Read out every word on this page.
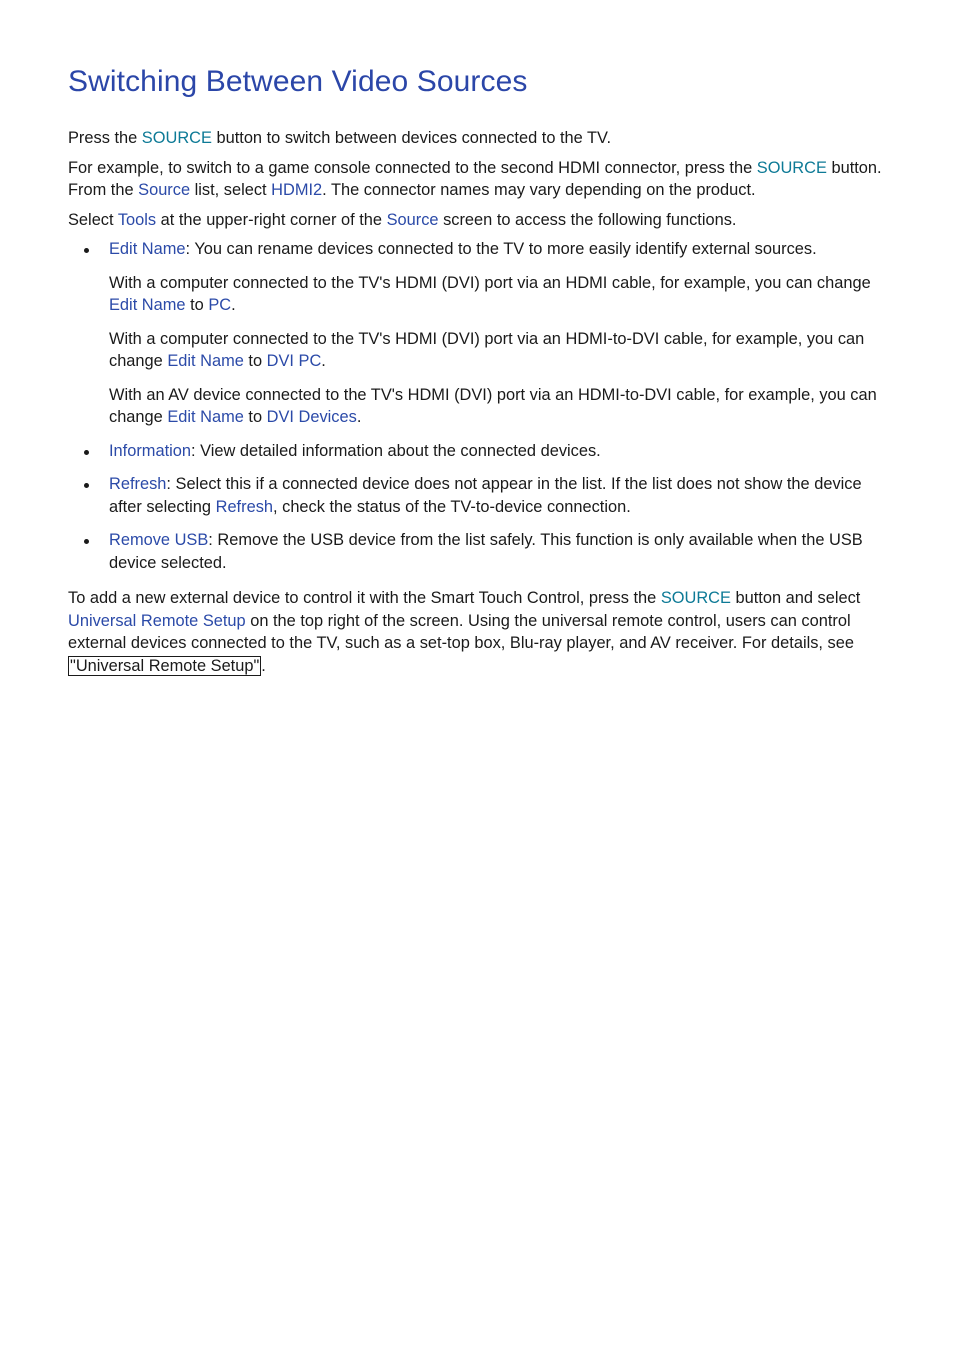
Switching Between Video Sources

Press the SOURCE button to switch between devices connected to the TV.

For example, to switch to a game console connected to the second HDMI connector, press the SOURCE button. From the Source list, select HDMI2. The connector names may vary depending on the product.

Select Tools at the upper-right corner of the Source screen to access the following functions.

Edit Name: You can rename devices connected to the TV to more easily identify external sources.

With a computer connected to the TV's HDMI (DVI) port via an HDMI cable, for example, you can change Edit Name to PC.

With a computer connected to the TV's HDMI (DVI) port via an HDMI-to-DVI cable, for example, you can change Edit Name to DVI PC.

With an AV device connected to the TV's HDMI (DVI) port via an HDMI-to-DVI cable, for example, you can change Edit Name to DVI Devices.

Information: View detailed information about the connected devices.

Refresh: Select this if a connected device does not appear in the list. If the list does not show the device after selecting Refresh, check the status of the TV-to-device connection.

Remove USB: Remove the USB device from the list safely. This function is only available when the USB device selected.

To add a new external device to control it with the Smart Touch Control, press the SOURCE button and select Universal Remote Setup on the top right of the screen. Using the universal remote control, users can control external devices connected to the TV, such as a set-top box, Blu-ray player, and AV receiver. For details, see "Universal Remote Setup" .
